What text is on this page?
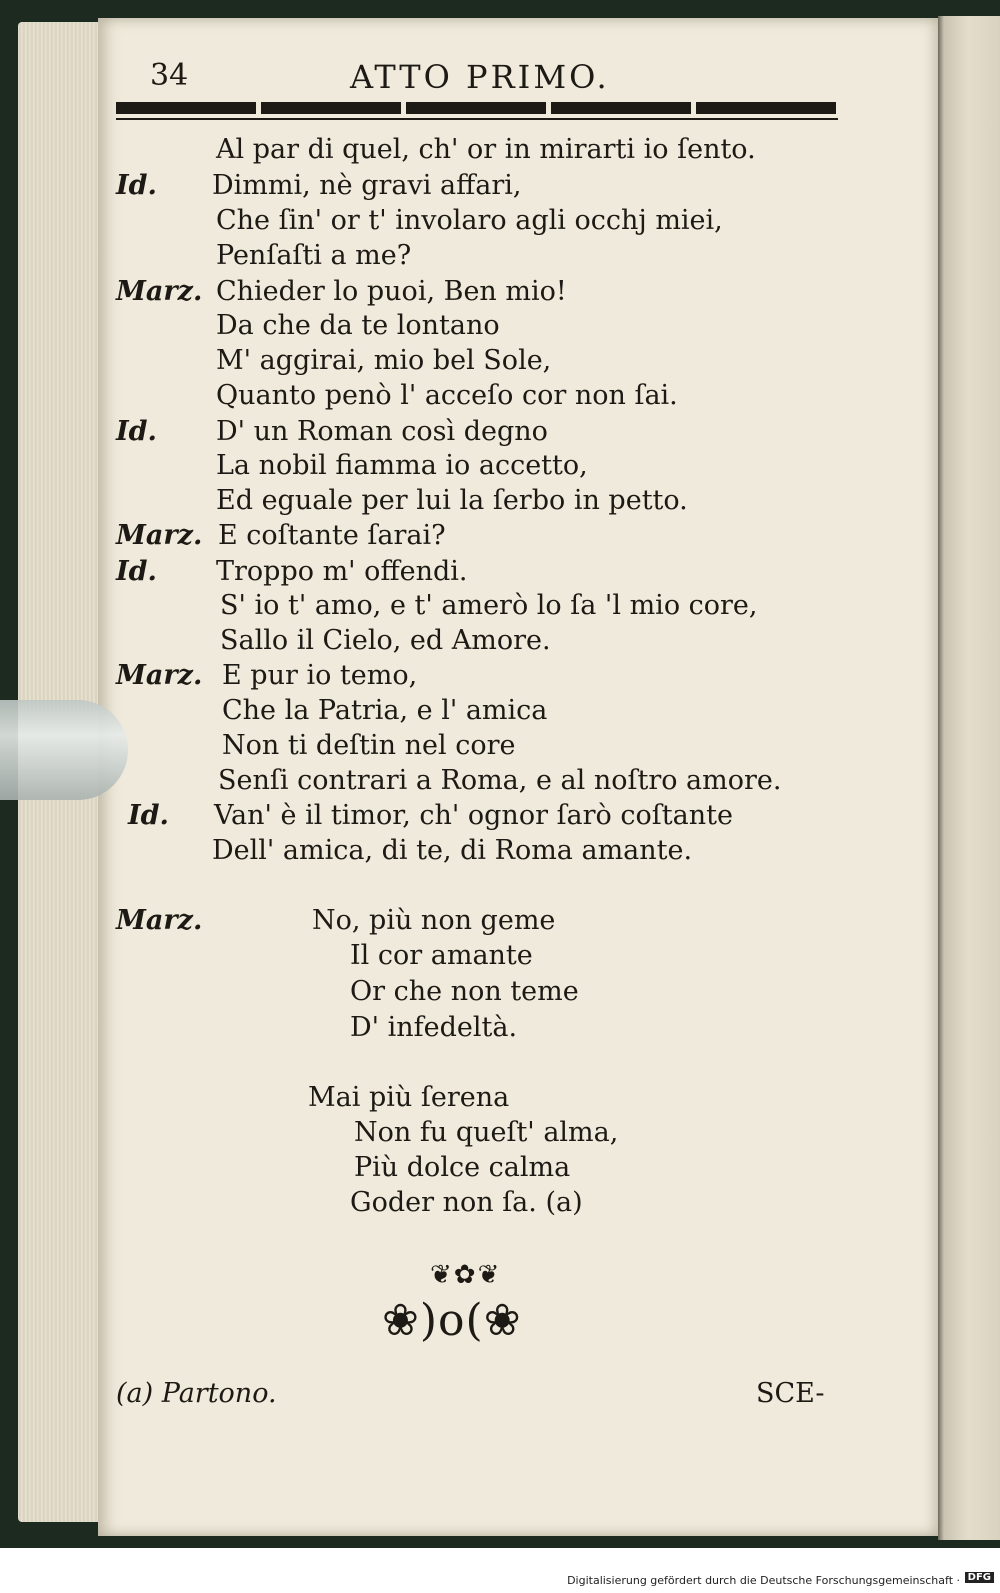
34	ATTO PRIMO.
Al par di quel, ch' or in mirarti io ſento.
Id. Dimmi, nè gravi affari,
Che ſin' or t' involaro agli occhj miei,
Penſaſti a me?
Marz. Chieder lo puoi, Ben mio!
Da che da te lontano
M' aggirai, mio bel Sole,
Quanto penò l' acceſo cor non ſai.
Id. D' un Roman così degno
La nobil fiamma io accetto,
Ed eguale per lui la ſerbo in petto.
Marz. E coſtante ſarai?
Id. Troppo m' offendi.
S' io t' amo, e t' amerò lo ſa 'l mio core,
Sallo il Cielo, ed Amore.
Marz. E pur io temo,
Che la Patria, e l' amica
Non ti deſtin nel core
Senſi contrari a Roma, e al noſtro amore.
Id. Van' è il timor, ch' ognor ſarò coſtante
Dell' amica, di te, di Roma amante.
Marz.	No, più non geme
Il cor amante
Or che non teme
D' infedeltà.
Mai più ſerena
Non fu queſt' alma,
Più dolce calma
Goder non ſa. (a)
❦✿❦
❀)o(❀
(a) Partono.	SCE-
Digitalisierung gefördert durch die Deutsche Forschungsgemeinschaft · DFG
